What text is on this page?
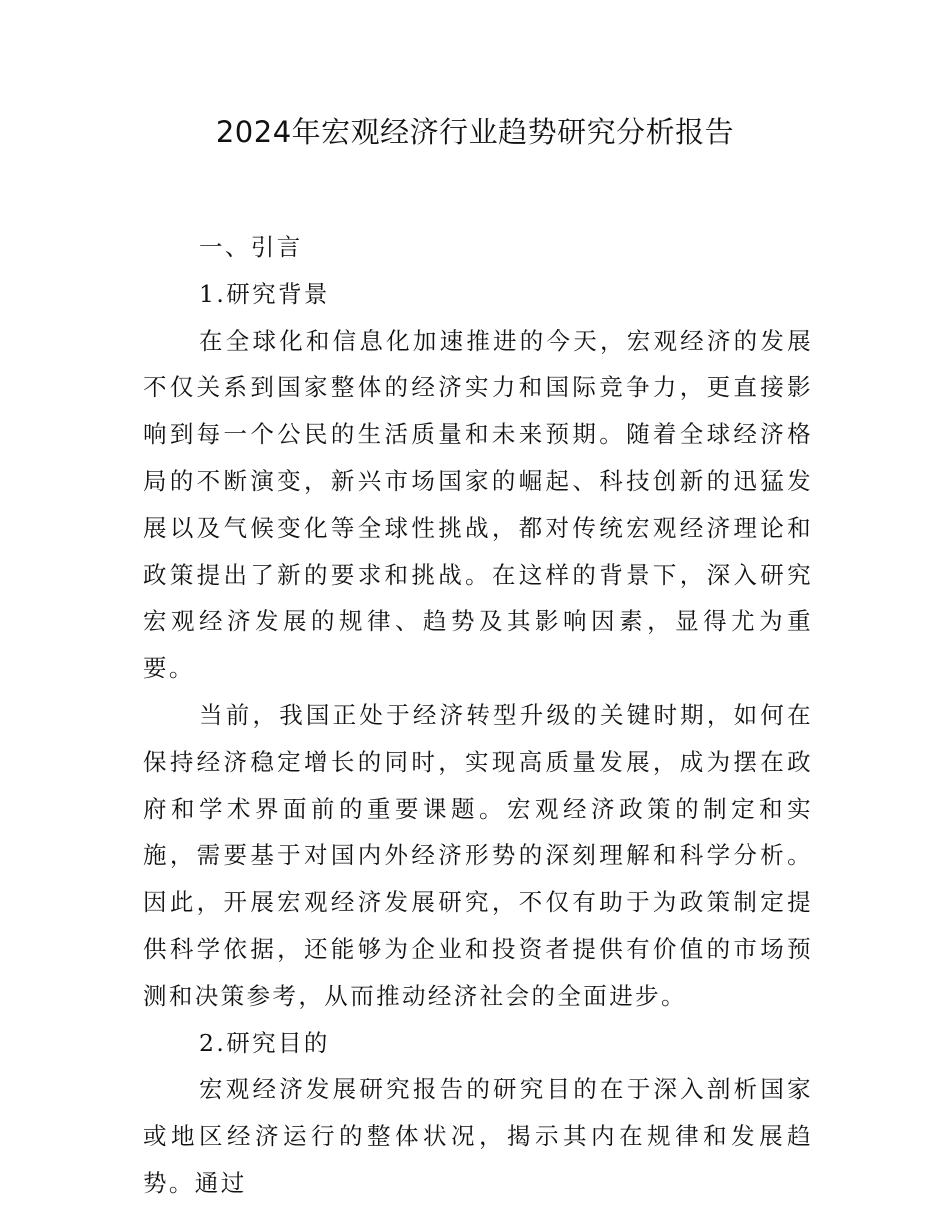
2024年宏观经济行业趋势研究分析报告

一、引言

1.研究背景

在全球化和信息化加速推进的今天，宏观经济的发展不仅关系到国家整体的经济实力和国际竞争力，更直接影响到每一个公民的生活质量和未来预期。随着全球经济格局的不断演变，新兴市场国家的崛起、科技创新的迅猛发展以及气候变化等全球性挑战，都对传统宏观经济理论和政策提出了新的要求和挑战。在这样的背景下，深入研究宏观经济发展的规律、趋势及其影响因素，显得尤为重要。

当前，我国正处于经济转型升级的关键时期，如何在保持经济稳定增长的同时，实现高质量发展，成为摆在政府和学术界面前的重要课题。宏观经济政策的制定和实施，需要基于对国内外经济形势的深刻理解和科学分析。因此，开展宏观经济发展研究，不仅有助于为政策制定提供科学依据，还能够为企业和投资者提供有价值的市场预测和决策参考，从而推动经济社会的全面进步。

2.研究目的

宏观经济发展研究报告的研究目的在于深入剖析国家或地区经济运行的整体状况，揭示其内在规律和发展趋势。通过
